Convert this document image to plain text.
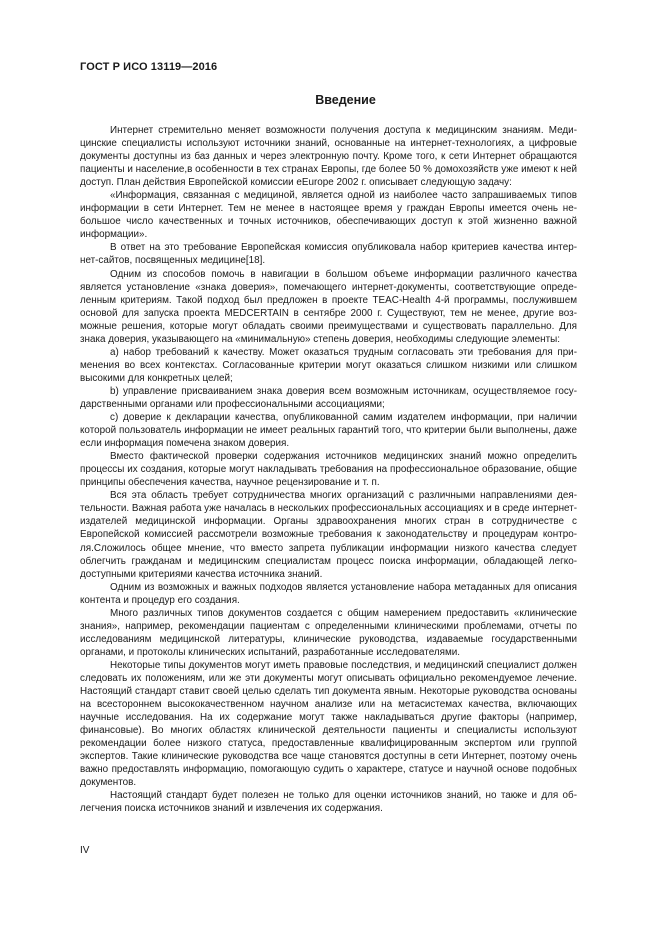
ГОСТ Р ИСО 13119—2016

Введение

Интернет стремительно меняет возможности получения доступа к медицинским знаниям. Медицинские специалисты используют источники знаний, основанные на интернет-технологиях, а цифровые документы доступны из баз данных и через электронную почту. Кроме того, к сети Интернет обращаются пациенты и население,в особенности в тех странах Европы, где более 50 % домохозяйств уже имеют к ней доступ. План действия Европейской комиссии eEurope 2002 г. описывает следующую задачу:

«Информация, связанная с медициной, является одной из наиболее часто запрашиваемых типов информации в сети Интернет. Тем не менее в настоящее время у граждан Европы имеется очень небольшое число качественных и точных источников, обеспечивающих доступ к этой жизненно важной информации».

В ответ на это требование Европейская комиссия опубликовала набор критериев качества интернет-сайтов, посвященных медицине[18].

Одним из способов помочь в навигации в большом объеме информации различного качества является установление «знака доверия», помечающего интернет-документы, соответствующие определенным критериям. Такой подход был предложен в проекте TEAC-Health 4-й программы, послужившем основой для запуска проекта MEDCERTAIN в сентябре 2000 г. Существуют, тем не менее, другие возможные решения, которые могут обладать своими преимуществами и существовать параллельно. Для знака доверия, указывающего на «минимальную» степень доверия, необходимы следующие элементы:

a) набор требований к качеству. Может оказаться трудным согласовать эти требования для применения во всех контекстах. Согласованные критерии могут оказаться слишком низкими или слишком высокими для конкретных целей;

b) управление присваиванием знака доверия всем возможным источникам, осуществляемое государственными органами или профессиональными ассоциациями;

c) доверие к декларации качества, опубликованной самим издателем информации, при наличии которой пользователь информации не имеет реальных гарантий того, что критерии были выполнены, даже если информация помечена знаком доверия.

Вместо фактической проверки содержания источников медицинских знаний можно определить процессы их создания, которые могут накладывать требования на профессиональное образование, общие принципы обеспечения качества, научное рецензирование и т. п.

Вся эта область требует сотрудничества многих организаций с различными направлениями деятельности. Важная работа уже началась в нескольких профессиональных ассоциациях и в среде интернет-издателей медицинской информации. Органы здравоохранения многих стран в сотрудничестве с Европейской комиссией рассмотрели возможные требования к законодательству и процедурам контроля.Сложилось общее мнение, что вместо запрета публикации информации низкого качества следует облегчить гражданам и медицинским специалистам процесс поиска информации, обладающей легкодоступными критериями качества источника знаний.

Одним из возможных и важных подходов является установление набора метаданных для описания контента и процедур его создания.

Много различных типов документов создается с общим намерением предоставить «клинические знания», например, рекомендации пациентам с определенными клиническими проблемами, отчеты по исследованиям медицинской литературы, клинические руководства, издаваемые государственными органами, и протоколы клинических испытаний, разработанные исследователями.

Некоторые типы документов могут иметь правовые последствия, и медицинский специалист должен следовать их положениям, или же эти документы могут описывать официально рекомендуемое лечение. Настоящий стандарт ставит своей целью сделать тип документа явным. Некоторые руководства основаны на всестороннем высококачественном научном анализе или на метасистемах качества, включающих научные исследования. На их содержание могут также накладываться другие факторы (например, финансовые). Во многих областях клинической деятельности пациенты и специалисты используют рекомендации более низкого статуса, предоставленные квалифицированным экспертом или группой экспертов. Такие клинические руководства все чаще становятся доступны в сети Интернет, поэтому очень важно предоставлять информацию, помогающую судить о характере, статусе и научной основе подобных документов.

Настоящий стандарт будет полезен не только для оценки источников знаний, но также и для облегчения поиска источников знаний и извлечения их содержания.

IV
